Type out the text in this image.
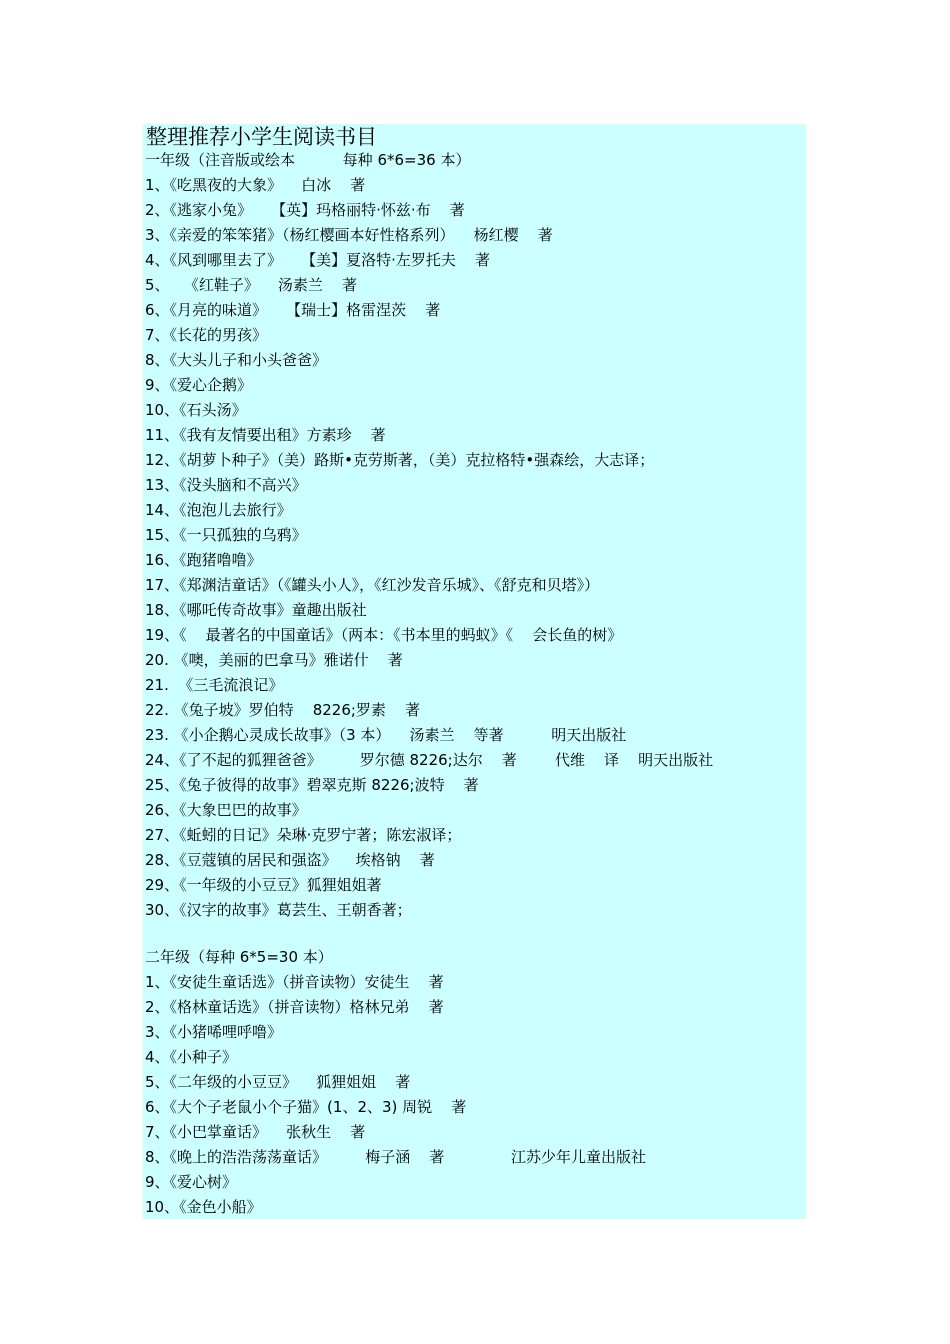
整理推荐小学生阅读书目
一年级（注音版或绘本          每种 6*6=36 本）
1、《吃黑夜的大象》    白冰    著
2、《逃家小兔》    【英】玛格丽特·怀兹·布    著
3、《亲爱的笨笨猪》（杨红樱画本好性格系列）    杨红樱    著
4、《风到哪里去了》    【美】夏洛特·左罗托夫    著
5、   《红鞋子》    汤素兰    著
6、《月亮的味道》    【瑞士】格雷涅茨    著
7、《长花的男孩》
8、《大头儿子和小头爸爸》
9、《爱心企鹅》
10、《石头汤》
11、《我有友情要出租》方素珍    著
12、《胡萝卜种子》（美）路斯•克劳斯著，（美）克拉格特•强森绘，大志译；
13、《没头脑和不高兴》
14、《泡泡儿去旅行》
15、《一只孤独的乌鸦》
16、《跑猪噜噜》
17、《郑渊洁童话》（《罐头小人》，《红沙发音乐城》、《舒克和贝塔》）
18、《哪吒传奇故事》童趣出版社
19、《    最著名的中国童话》（两本：《书本里的蚂蚁》《    会长鱼的树》
20. 《噢，美丽的巴拿马》雅诺什    著
21.  《三毛流浪记》
22. 《兔子坡》罗伯特    8226;罗素    著
23. 《小企鹅心灵成长故事》（3 本）    汤素兰    等著          明天出版社
24、《了不起的狐狸爸爸》        罗尔德 8226;达尔    著        代维    译    明天出版社
25、《兔子彼得的故事》碧翠克斯 8226;波特    著
26、《大象巴巴的故事》
27、《蚯蚓的日记》朵琳·克罗宁著；陈宏淑译；
28、《豆蔻镇的居民和强盗》    埃格钠    著
29、《一年级的小豆豆》狐狸姐姐著
30、《汉字的故事》葛芸生、王朝香著；
二年级（每种 6*5=30 本）
1、《安徒生童话选》（拼音读物）安徒生    著
2、《格林童话选》（拼音读物）格林兄弟    著
3、《小猪唏哩呼噜》
4、《小种子》
5、《二年级的小豆豆》    狐狸姐姐    著
6、《大个子老鼠小个子猫》(1、2、3) 周锐    著
7、《小巴掌童话》    张秋生    著
8、《晚上的浩浩荡荡童话》        梅子涵    著              江苏少年儿童出版社
9、《爱心树》
10、《金色小船》
